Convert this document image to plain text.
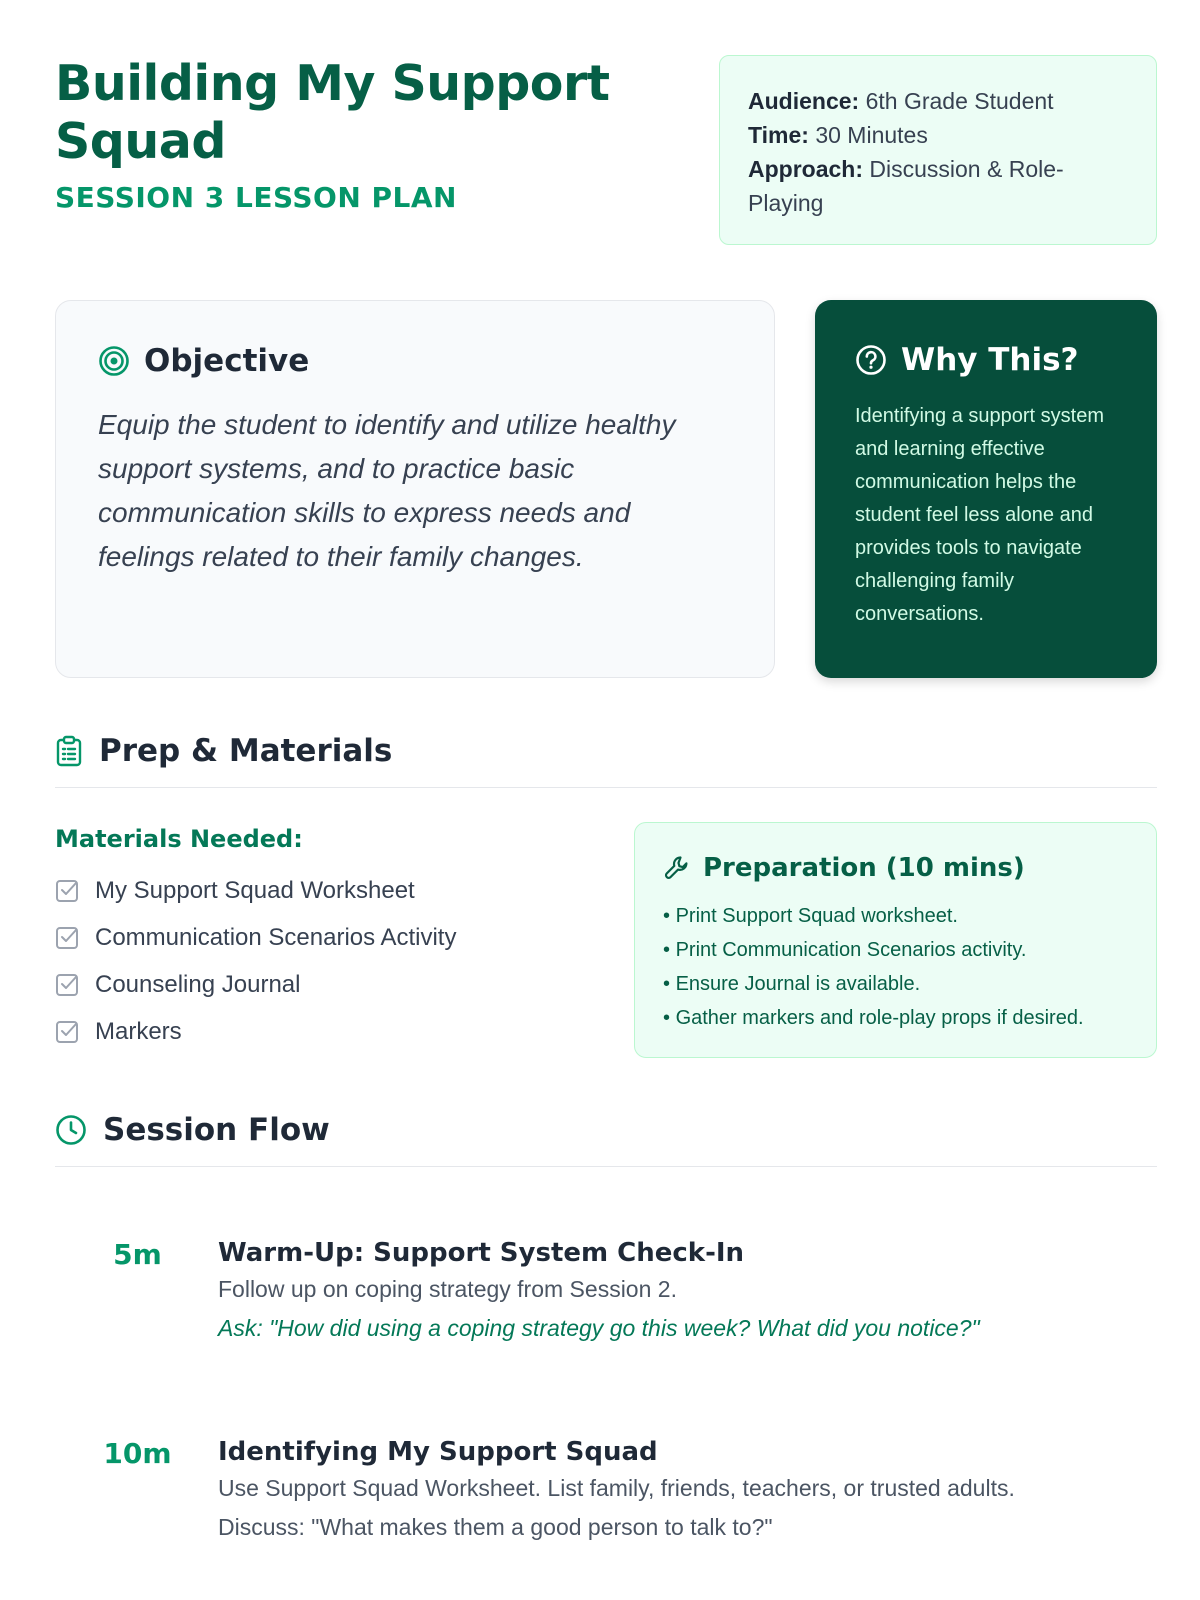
Building My Support Squad
SESSION 3 LESSON PLAN
Audience: 6th Grade Student
Time: 30 Minutes
Approach: Discussion & Role-Playing
Objective

Equip the student to identify and utilize healthy support systems, and to practice basic communication skills to express needs and feelings related to their family changes.

Why This?

Identifying a support system and learning effective communication helps the student feel less alone and provides tools to navigate challenging family conversations.

Prep & Materials
Materials Needed:
My Support Squad Worksheet
Communication Scenarios Activity
Counseling Journal
Markers
Preparation (10 mins)
• Print Support Squad worksheet.
• Print Communication Scenarios activity.
• Ensure Journal is available.
• Gather markers and role-play props if desired.
Session Flow
5m	Warm-Up: Support System Check-In
Follow up on coping strategy from Session 2.
Ask: "How did using a coping strategy go this week? What did you notice?"
10m	Identifying My Support Squad
Use Support Squad Worksheet. List family, friends, teachers, or trusted adults.
Discuss: "What makes them a good person to talk to?"
